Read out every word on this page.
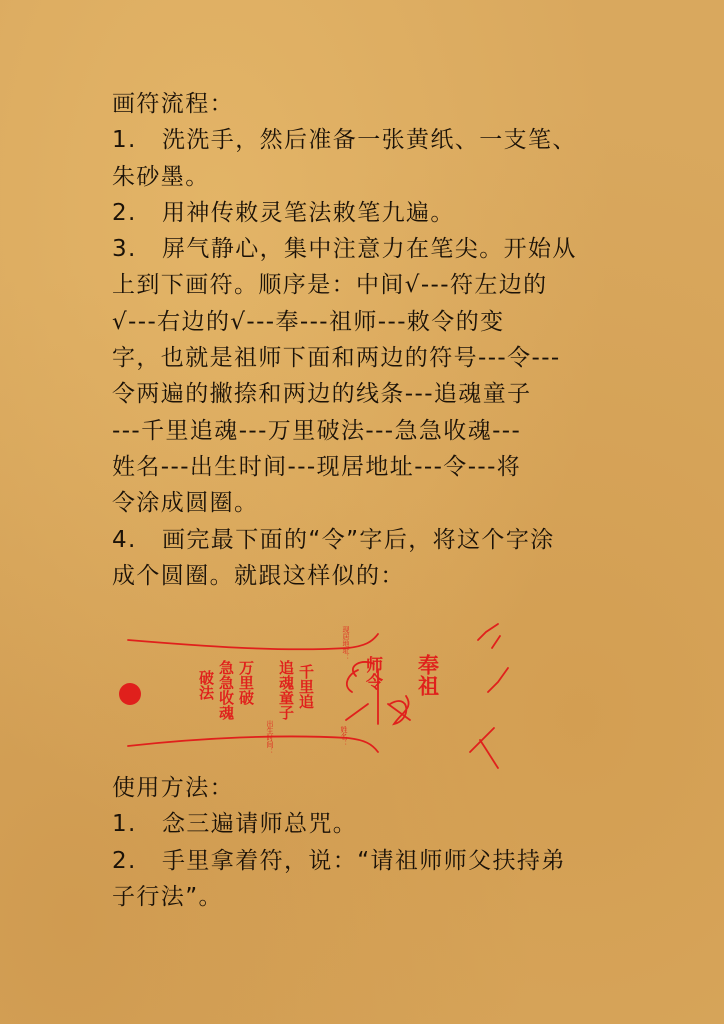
画符流程：
1. 洗洗手，然后准备一张黄纸、一支笔、
朱砂墨。
2. 用神传敕灵笔法敕笔九遍。
3. 屏气静心，集中注意力在笔尖。开始从
上到下画符。顺序是：中间√---符左边的
√---右边的√---奉---祖师---敕令的变
字，也就是祖师下面和两边的符号---令---
令两遍的撇捺和两边的线条---追魂童子
---千里追魂---万里破法---急急收魂---
姓名---出生时间---现居地址---令---将
令涂成圆圈。
4. 画完最下面的“令”字后，将这个字涂
成个圆圈。就跟这样似的：
奉祖
师令
千里追
追魂童子
万里破
急急收魂
破法
现居地址：
出生时间：	姓名：
使用方法：
1. 念三遍请师总咒。
2. 手里拿着符，说：“请祖师师父扶持弟
子行法”。
